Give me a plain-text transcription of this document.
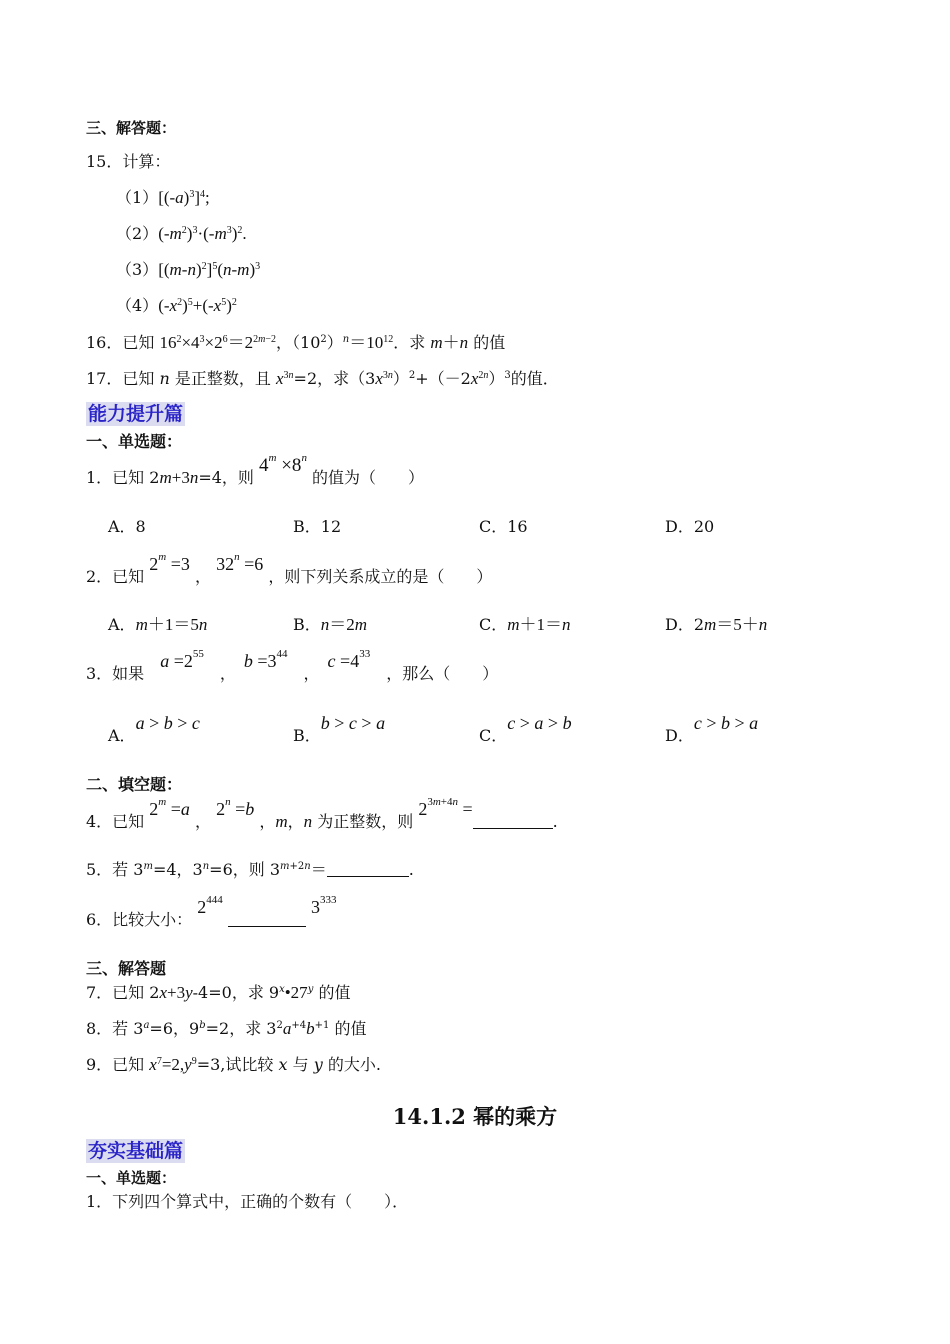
三、解答题：
15．计算：
$(1)[(-a)^3]^4$;
$(2)(-m^2)^3\cdot(-m^3)^2$.
$(3)[(m-n)^2]^5(n-m)^3$
$(4)(-x^2)^5+(-x^5)^2$
16．已知 $16^2\times 4^3\times 2^6=2^{2m-2}$，$(10^2)^n=10^{12}$．求 m＋n 的值
17．已知 n 是正整数，且 $x^{3n}=2$，求$(3x^{3n})^2+(-2x^{2n})^3$的值．
能力提升篇
一、单选题：
1．已知 2m+3n=4，则 $4^m \times 8^n$ 的值为（　　）
A．8	B．12	C．16	D．20
2．已知 $2^m =3$ ， $32^n =6$ ，则下列关系成立的是（　　）
A．m＋1＝5n	B．n＝2m	C．m＋1＝n	D．2m＝5＋n
3．如果　$a =2^{55}$　，　$b =3^{44}$　，　$c =4^{33}$　，那么（　　）
A．a > b > c
B．b > c > a
C．c > a > b
D．c > b > a
二、填空题：
4．已知 $2^m =a$ ， $2^n =b$ ，m，n 为正整数，则 $2^{3m+4n}$ =.
5．若 $3^m=4$，$3^n=6$，则 $3^{m+2n}=$	.
6．比较大小： $2^{444}$	$3^{333}$
三、解答题
7．已知 2x+3y-4=0，求 9$^x$•27$^y$ 的值
8．若 $3^a=6$，$9^b=2$，求 $3^2a^{+4}b^{+1}$ 的值
9．已知 $x^7=2,y^9=3$,试比较 x 与 y 的大小.
14.1.2 幂的乘方
夯实基础篇
一、单选题：
1．下列四个算式中，正确的个数有（　　）．
